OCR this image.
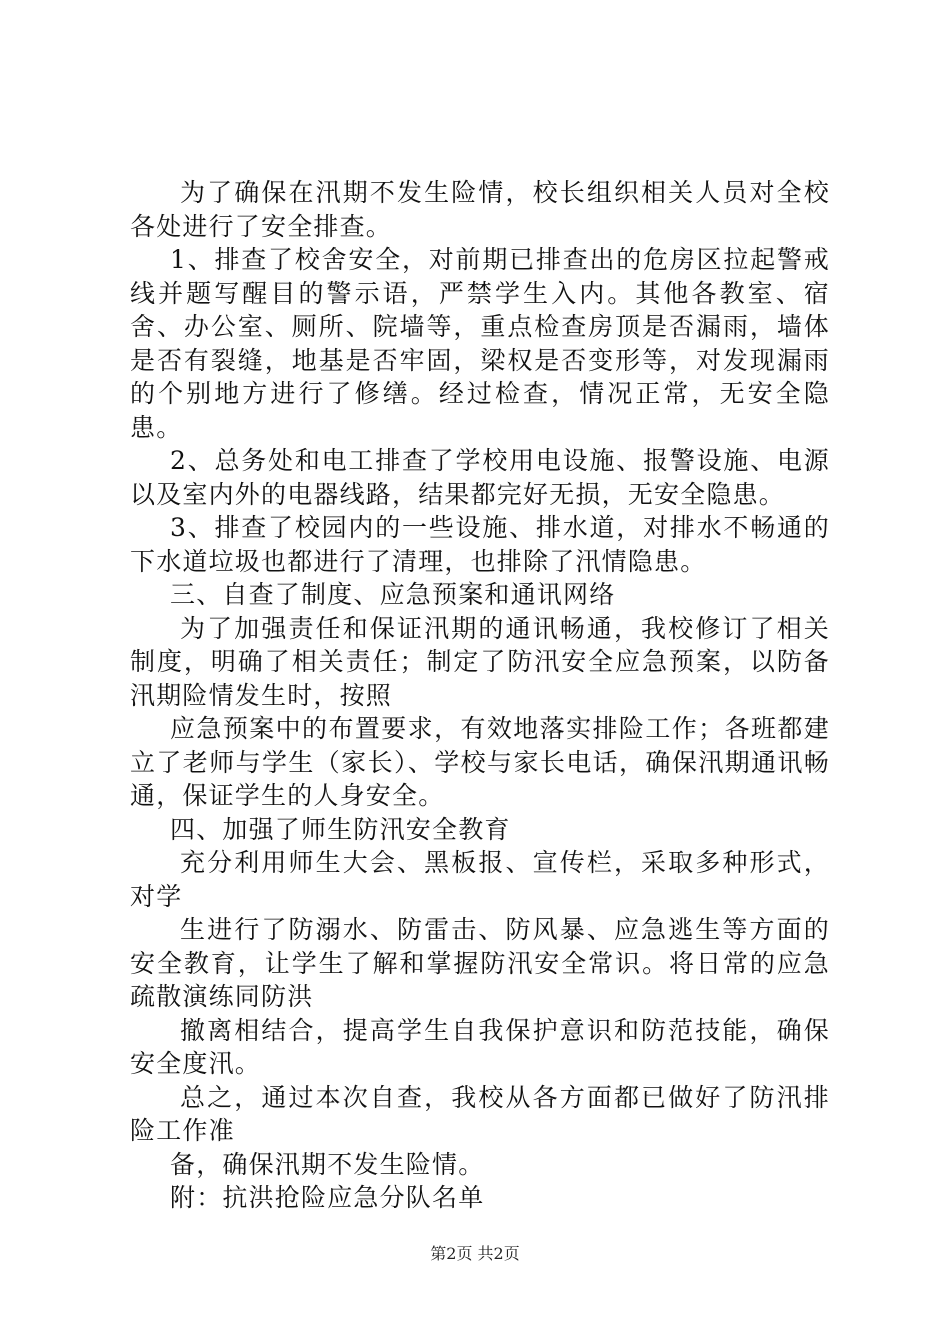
为了确保在汛期不发生险情，校长组织相关人员对全校各处进行了安全排查。

1、排查了校舍安全，对前期已排查出的危房区拉起警戒线并题写醒目的警示语，严禁学生入内。其他各教室、宿舍、办公室、厕所、院墙等，重点检查房顶是否漏雨，墙体是否有裂缝，地基是否牢固，梁权是否变形等，对发现漏雨的个别地方进行了修缮。经过检查，情况正常，无安全隐患。

2、总务处和电工排查了学校用电设施、报警设施、电源以及室内外的电器线路，结果都完好无损，无安全隐患。

3、排查了校园内的一些设施、排水道，对排水不畅通的下水道垃圾也都进行了清理，也排除了汛情隐患。

三、自查了制度、应急预案和通讯网络

为了加强责任和保证汛期的通讯畅通，我校修订了相关制度，明确了相关责任；制定了防汛安全应急预案，以防备汛期险情发生时，按照

应急预案中的布置要求，有效地落实排险工作；各班都建立了老师与学生（家长）、学校与家长电话，确保汛期通讯畅通，保证学生的人身安全。

四、加强了师生防汛安全教育

充分利用师生大会、黑板报、宣传栏，采取多种形式，对学

生进行了防溺水、防雷击、防风暴、应急逃生等方面的安全教育，让学生了解和掌握防汛安全常识。将日常的应急疏散演练同防洪

撤离相结合，提高学生自我保护意识和防范技能，确保安全度汛。

总之，通过本次自查，我校从各方面都已做好了防汛排险工作准

备，确保汛期不发生险情。

附：抗洪抢险应急分队名单

第2页 共2页
